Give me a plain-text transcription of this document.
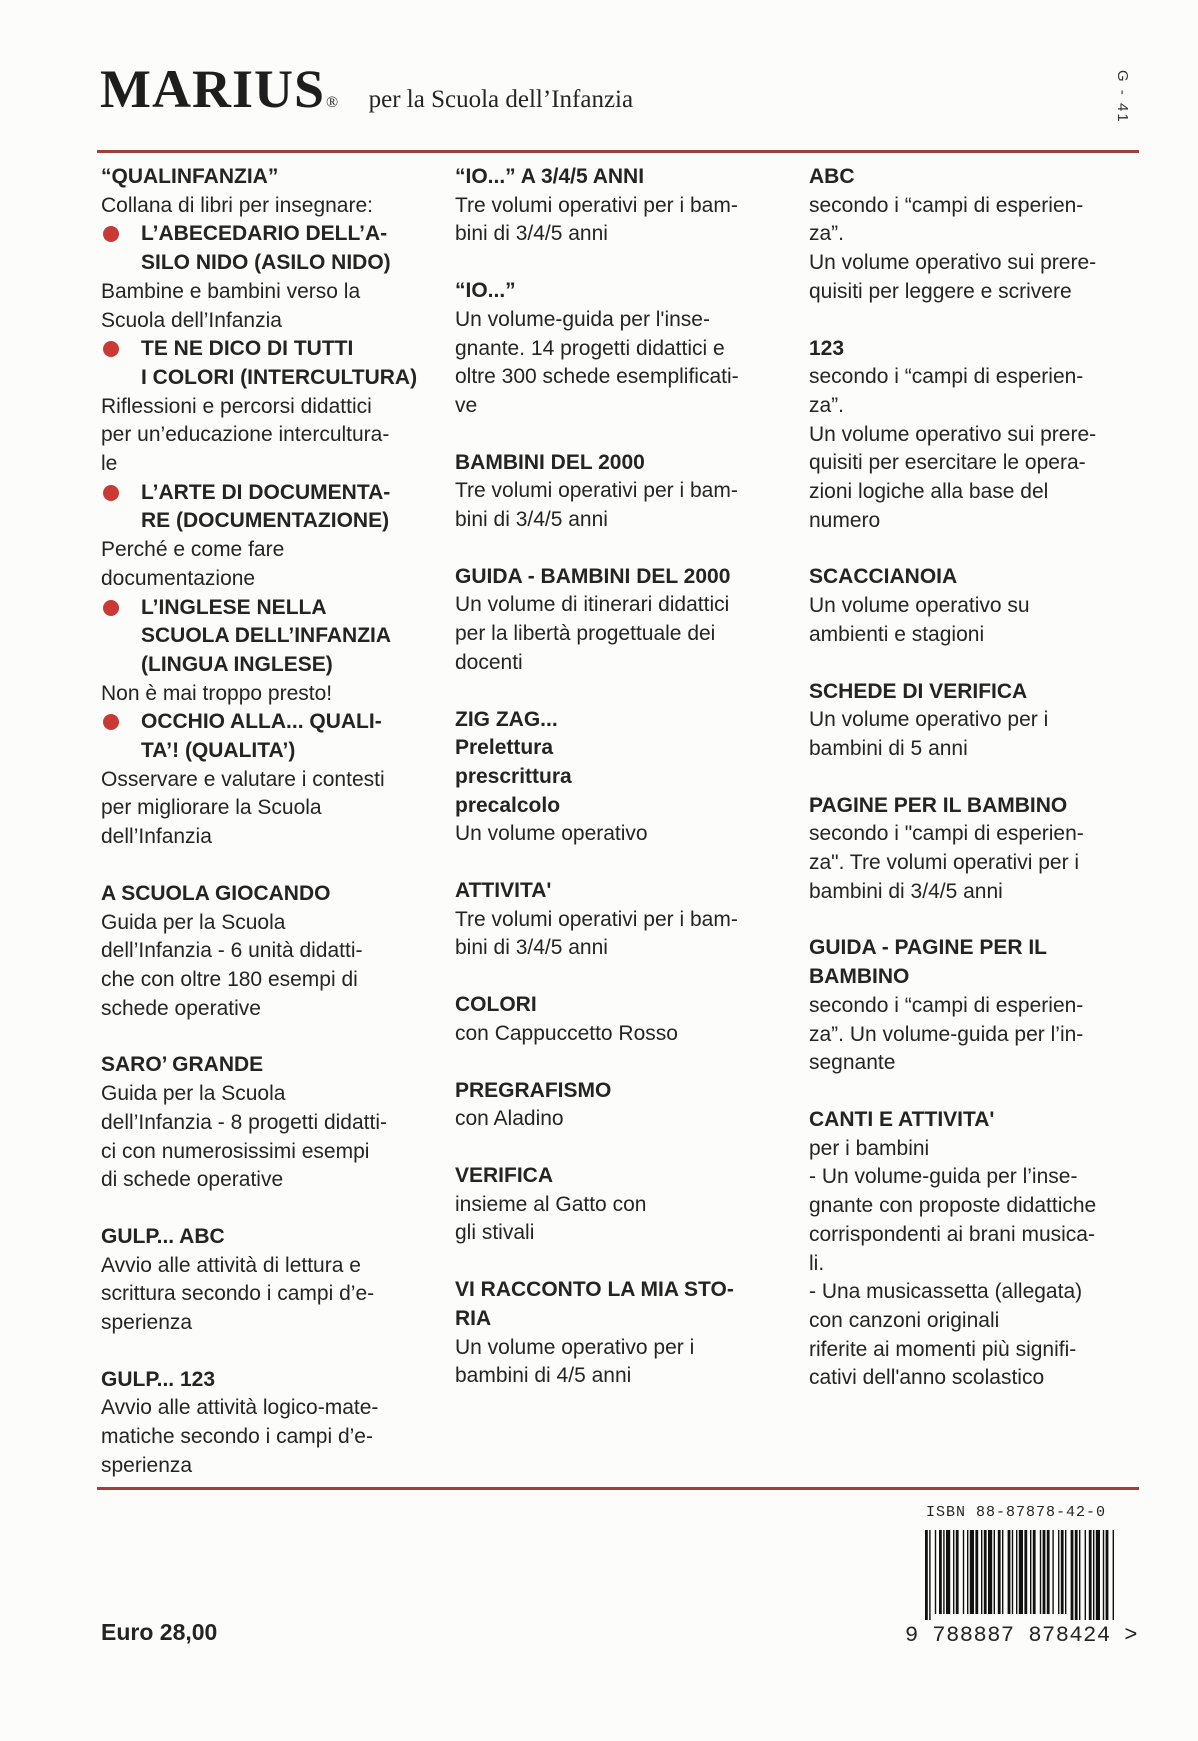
MARIUS® per la Scuola dell’Infanzia	G - 41
“QUALINFANZIA”
Collana di libri per insegnare:
L’ABECEDARIO DELL’A-
SILO NIDO (ASILO NIDO)
Bambine e bambini verso la
Scuola dell’Infanzia
TE NE DICO DI TUTTI
I COLORI (INTERCULTURA)
Riflessioni e percorsi didattici
per un’educazione intercultura-
le
L’ARTE DI DOCUMENTA-
RE (DOCUMENTAZIONE)
Perché e come fare
documentazione
L’INGLESE NELLA
SCUOLA DELL’INFANZIA
(LINGUA INGLESE)
Non è mai troppo presto!
OCCHIO ALLA... QUALI-
TA’! (QUALITA’)
Osservare e valutare i contesti
per migliorare la Scuola
dell’Infanzia
A SCUOLA GIOCANDO
Guida per la Scuola
dell’Infanzia - 6 unità didatti-
che con oltre 180 esempi di
schede operative
SARO’ GRANDE
Guida per la Scuola
dell’Infanzia - 8 progetti didatti-
ci con numerosissimi esempi
di schede operative
GULP... ABC
Avvio alle attività di lettura e
scrittura secondo i campi d’e-
sperienza
GULP... 123
Avvio alle attività logico-mate-
matiche secondo i campi d’e-
sperienza
“IO...” A 3/4/5 ANNI
Tre volumi operativi per i bam-
bini di 3/4/5 anni
“IO...”
Un volume-guida per l'inse-
gnante. 14 progetti didattici e
oltre 300 schede esemplificati-
ve
BAMBINI DEL 2000
Tre volumi operativi per i bam-
bini di 3/4/5 anni
GUIDA - BAMBINI DEL 2000
Un volume di itinerari didattici
per la libertà progettuale dei
docenti
ZIG ZAG...
Prelettura
prescrittura
precalcolo
Un volume operativo
ATTIVITA'
Tre volumi operativi per i bam-
bini di 3/4/5 anni
COLORI
con Cappuccetto Rosso
PREGRAFISMO
con Aladino
VERIFICA
insieme al Gatto con
gli stivali
VI RACCONTO LA MIA STO-
RIA
Un volume operativo per i
bambini di 4/5 anni
ABC
secondo i “campi di esperien-
za”.
Un volume operativo sui prere-
quisiti per leggere e scrivere
123
secondo i “campi di esperien-
za”.
Un volume operativo sui prere-
quisiti per esercitare le opera-
zioni logiche alla base del
numero
SCACCIANOIA
Un volume operativo su
ambienti e stagioni
SCHEDE DI VERIFICA
Un volume operativo per i
bambini di 5 anni
PAGINE PER IL BAMBINO
secondo i "campi di esperien-
za". Tre volumi operativi per i
bambini di 3/4/5 anni
GUIDA - PAGINE PER IL
BAMBINO
secondo i “campi di esperien-
za”. Un volume-guida per l’in-
segnante
CANTI E ATTIVITA'
per i bambini
- Un volume-guida per l’inse-
gnante con proposte didattiche
corrispondenti ai brani musica-
li.
- Una musicassetta (allegata)
con canzoni originali
riferite ai momenti più signifi-
cativi dell'anno scolastico
ISBN 88-87878-42-0
9 788887 878424 >
Euro 28,00
